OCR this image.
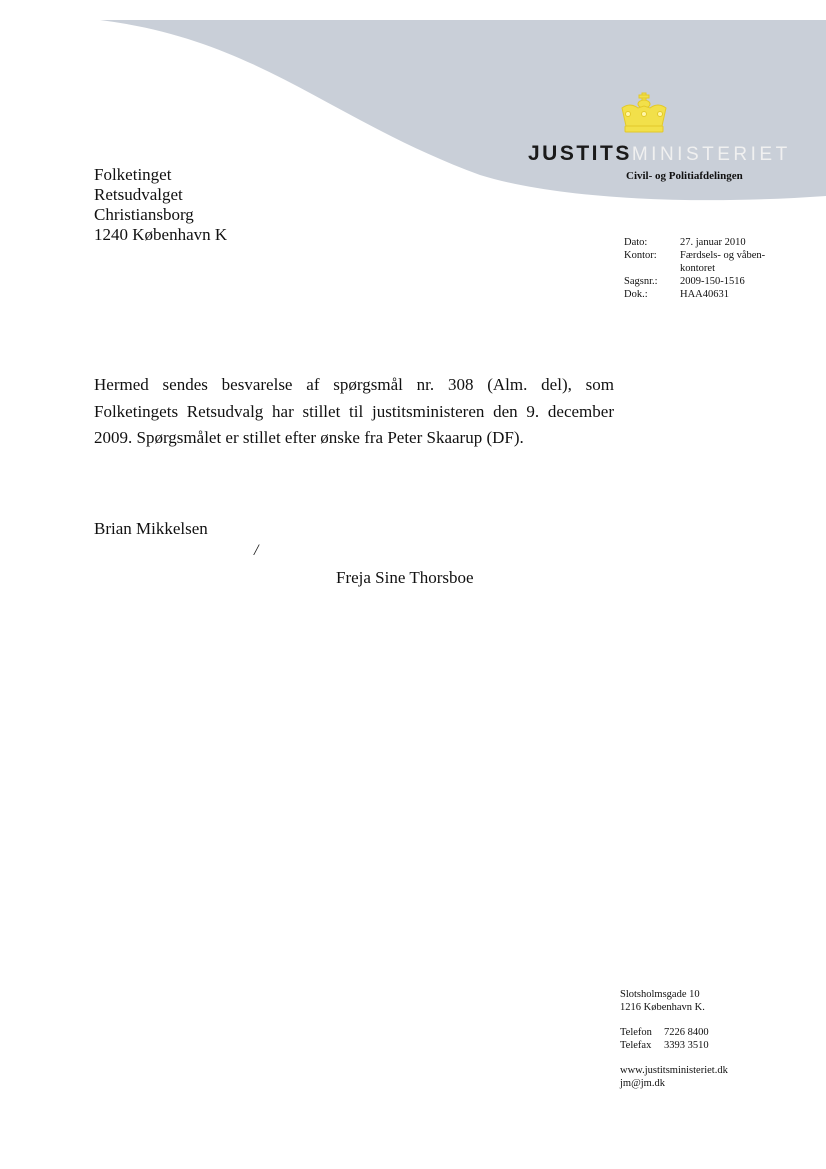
JUSTITSMINISTERIET
Civil- og Politiafdelingen
Folketinget
Retsudvalget
Christiansborg
1240 København K	Dato:	27. januar 2010
Kontor:	Færdsels- og våben-
kontoret
Sagsnr.:	2009-150-1516
Dok.:	HAA40631
Hermed sendes besvarelse af spørgsmål nr. 308 (Alm. del), som Folketingets Retsudvalg har stillet til justitsministeren den 9. december 2009. Spørgsmålet er stillet efter ønske fra Peter Skaarup (DF).
Brian Mikkelsen
/
Freja Sine Thorsboe
Slotsholmsgade 10
1216 København K.
Telefon	7226 8400
Telefax	3393 3510
www.justitsministeriet.dk
jm@jm.dk
